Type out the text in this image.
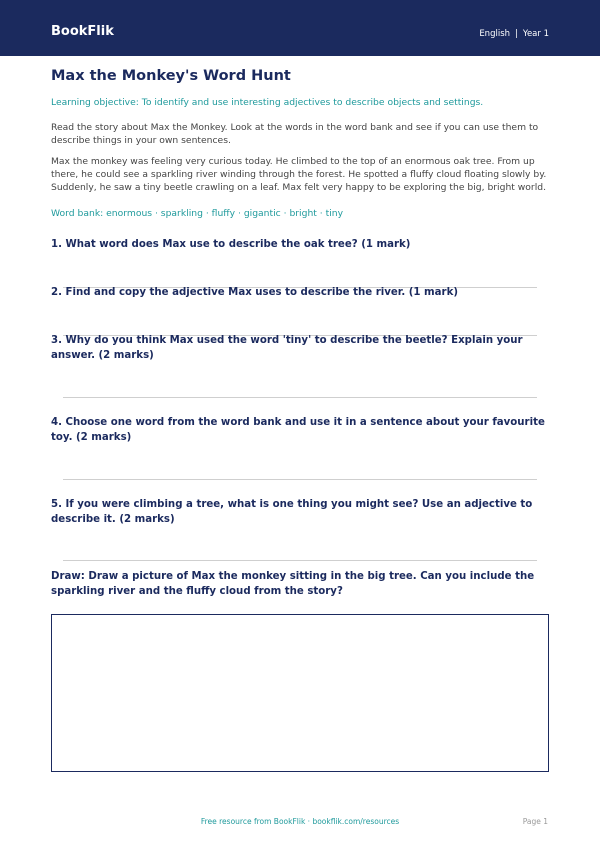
BookFlik	English | Year 1
Max the Monkey's Word Hunt

Learning objective: To identify and use interesting adjectives to describe objects and settings.

Read the story about Max the Monkey. Look at the words in the word bank and see if you can use them to describe things in your own sentences.

Max the monkey was feeling very curious today. He climbed to the top of an enormous oak tree. From up there, he could see a sparkling river winding through the forest. He spotted a fluffy cloud floating slowly by. Suddenly, he saw a tiny beetle crawling on a leaf. Max felt very happy to be exploring the big, bright world.

Word bank: enormous · sparkling · fluffy · gigantic · bright · tiny

1. What word does Max use to describe the oak tree? (1 mark)

2. Find and copy the adjective Max uses to describe the river. (1 mark)

3. Why do you think Max used the word 'tiny' to describe the beetle? Explain your answer. (2 marks)

4. Choose one word from the word bank and use it in a sentence about your favourite toy. (2 marks)

5. If you were climbing a tree, what is one thing you might see? Use an adjective to describe it. (2 marks)

Draw: Draw a picture of Max the monkey sitting in the big tree. Can you include the sparkling river and the fluffy cloud from the story?

Free resource from BookFlik · bookflik.com/resources	Page 1
